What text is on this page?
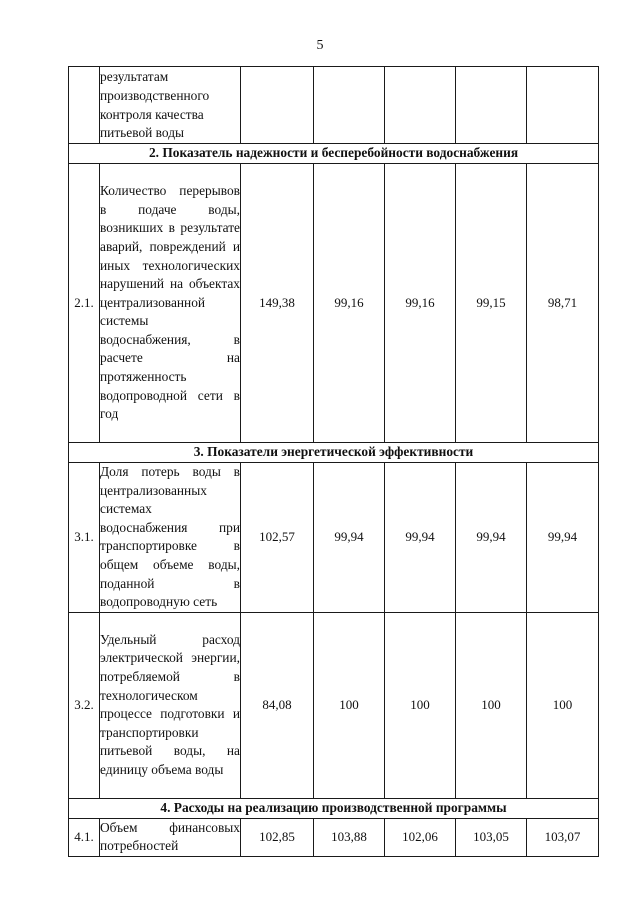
5
	результатам производственного контроля качества питьевой воды					
2. Показатель надежности и бесперебойности водоснабжения						
2.1.	Количество перерывов в подаче воды, возникших в результате аварий, повреждений и иных технологических нарушений на объектах централизованной системы водоснабжения, в расчете на протяженность водопроводной сети в год	149,38	99,16	99,16	99,15	98,71
3. Показатели энергетической эффективности						
3.1.	Доля потерь воды в централизованных системах водоснабжения при транспортировке в общем объеме воды, поданной в водопроводную сеть	102,57	99,94	99,94	99,94	99,94
3.2.	Удельный расход электрической энергии, потребляемой в технологическом процессе подготовки и транспортировки питьевой воды, на единицу объема воды	84,08	100	100	100	100
4. Расходы на реализацию производственной программы						
4.1.	Объем финансовых потребностей	102,85	103,88	102,06	103,05	103,07
